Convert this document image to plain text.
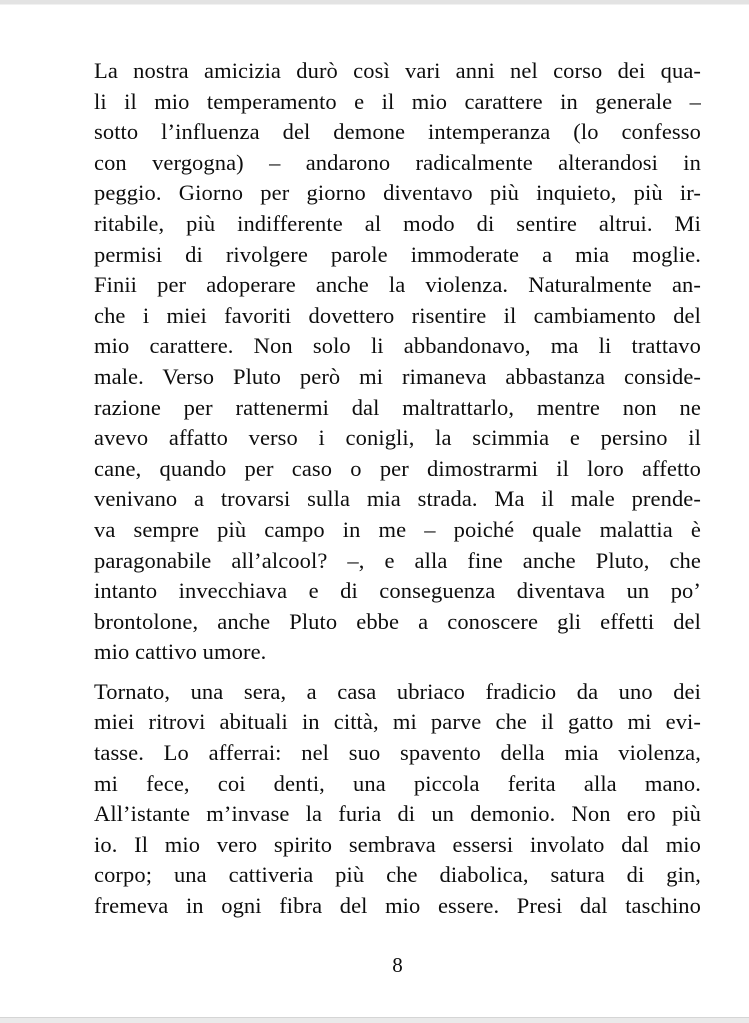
La nostra amicizia durò così vari anni nel corso dei qua-
li il mio temperamento e il mio carattere in generale –
sotto l’influenza del demone intemperanza (lo confesso
con vergogna) – andarono radicalmente alterandosi in
peggio. Giorno per giorno diventavo più inquieto, più ir-
ritabile, più indifferente al modo di sentire altrui. Mi
permisi di rivolgere parole immoderate a mia moglie.
Finii per adoperare anche la violenza. Naturalmente an-
che i miei favoriti dovettero risentire il cambiamento del
mio carattere. Non solo li abbandonavo, ma li trattavo
male. Verso Pluto però mi rimaneva abbastanza conside-
razione per rattenermi dal maltrattarlo, mentre non ne
avevo affatto verso i conigli, la scimmia e persino il
cane, quando per caso o per dimostrarmi il loro affetto
venivano a trovarsi sulla mia strada. Ma il male prende-
va sempre più campo in me – poiché quale malattia è
paragonabile all’alcool? –, e alla fine anche Pluto, che
intanto invecchiava e di conseguenza diventava un po’
brontolone, anche Pluto ebbe a conoscere gli effetti del
mio cattivo umore.
Tornato, una sera, a casa ubriaco fradicio da uno dei
miei ritrovi abituali in città, mi parve che il gatto mi evi-
tasse. Lo afferrai: nel suo spavento della mia violenza,
mi fece, coi denti, una piccola ferita alla mano.
All’istante m’invase la furia di un demonio. Non ero più
io. Il mio vero spirito sembrava essersi involato dal mio
corpo; una cattiveria più che diabolica, satura di gin,
fremeva in ogni fibra del mio essere. Presi dal taschino
8
